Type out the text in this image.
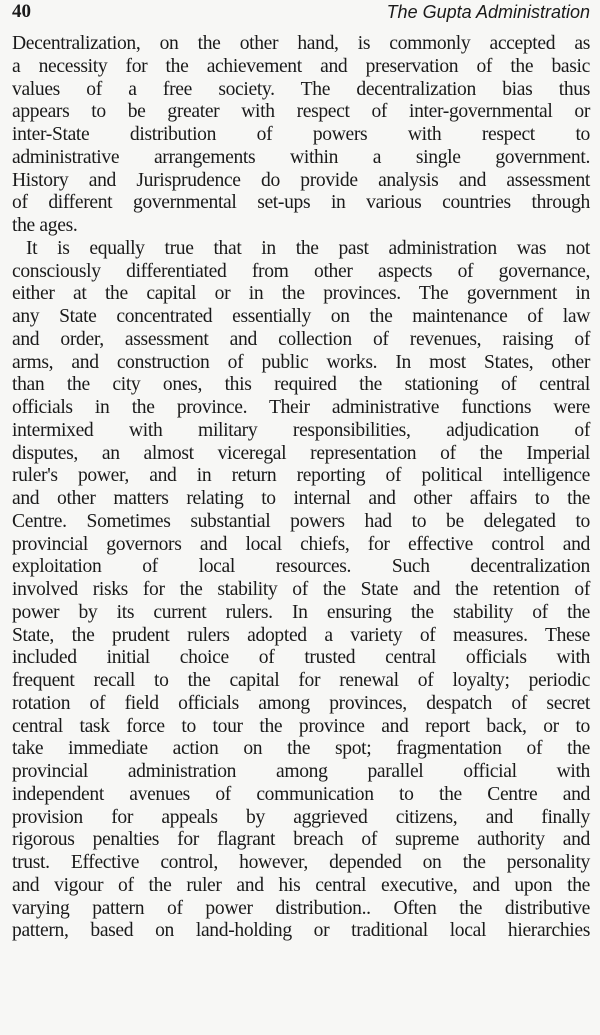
40	The Gupta Administration
Decentralization, on the other hand, is commonly accepted as
a necessity for the achievement and preservation of the basic
values of a free society. The decentralization bias thus
appears to be greater with respect of inter-governmental or
inter-State distribution of powers with respect to
administrative arrangements within a single government.
History and Jurisprudence do provide analysis and assessment
of different governmental set-ups in various countries through
the ages.
It is equally true that in the past administration was not
consciously differentiated from other aspects of governance,
either at the capital or in the provinces. The government in
any State concentrated essentially on the maintenance of law
and order, assessment and collection of revenues, raising of
arms, and construction of public works. In most States, other
than the city ones, this required the stationing of central
officials in the province. Their administrative functions were
intermixed with military responsibilities, adjudication of
disputes, an almost viceregal representation of the Imperial
ruler's power, and in return reporting of political intelligence
and other matters relating to internal and other affairs to the
Centre. Sometimes substantial powers had to be delegated to
provincial governors and local chiefs, for effective control and
exploitation of local resources. Such decentralization
involved risks for the stability of the State and the retention of
power by its current rulers. In ensuring the stability of the
State, the prudent rulers adopted a variety of measures. These
included initial choice of trusted central officials with
frequent recall to the capital for renewal of loyalty; periodic
rotation of field officials among provinces, despatch of secret
central task force to tour the province and report back, or to
take immediate action on the spot; fragmentation of the
provincial administration among parallel official with
independent avenues of communication to the Centre and
provision for appeals by aggrieved citizens, and finally
rigorous penalties for flagrant breach of supreme authority and
trust. Effective control, however, depended on the personality
and vigour of the ruler and his central executive, and upon the
varying pattern of power distribution.. Often the distributive
pattern, based on land-holding or traditional local hierarchies
